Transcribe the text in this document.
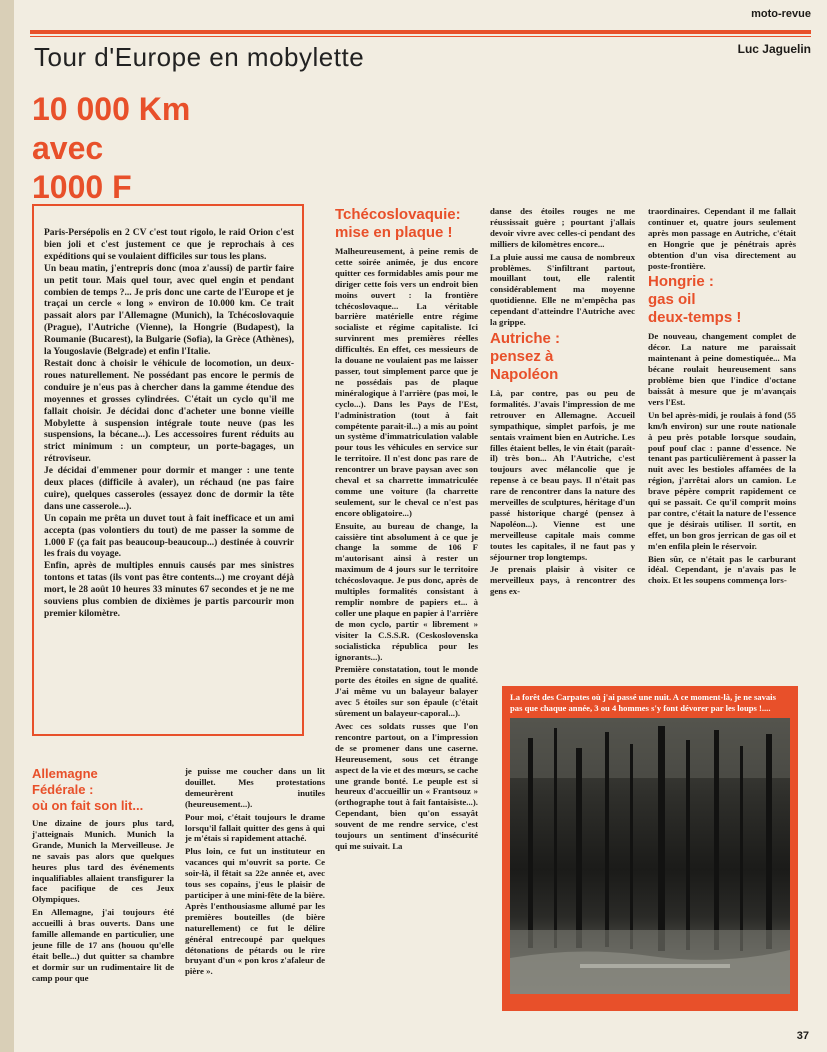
moto-revue
Tour d'Europe en mobylette	Luc Jaguelin
10 000 Km
avec
1000 F

Paris-Persépolis en 2 CV c'est tout rigolo, le raid Orion c'est bien joli et c'est justement ce que je reprochais à ces expéditions qui se voulaient difficiles sur tous les plans.

Un beau matin, j'entrepris donc (moa z'aussi) de partir faire un petit tour. Mais quel tour, avec quel engin et pendant combien de temps ?... Je pris donc une carte de l'Europe et je traçai un cercle « long » environ de 10.000 km. Ce trait passait alors par l'Allemagne (Munich), la Tchécoslovaquie (Prague), l'Autriche (Vienne), la Hongrie (Budapest), la Roumanie (Bucarest), la Bulgarie (Sofia), la Grèce (Athènes), la Yougoslavie (Belgrade) et enfin l'Italie.

Restait donc à choisir le véhicule de locomotion, un deux-roues naturellement. Ne possédant pas encore le permis de conduire je n'eus pas à chercher dans la gamme étendue des moyennes et grosses cylindrées. C'était un cyclo qu'il me fallait choisir. Je décidai donc d'acheter une bonne vieille Mobylette à suspension intégrale toute neuve (pas les suspensions, la bécane...). Les accessoires furent réduits au strict minimum : un compteur, un porte-bagages, un rétroviseur.

Je décidai d'emmener pour dormir et manger : une tente deux places (difficile à avaler), un réchaud (ne pas faire cuire), quelques casseroles (essayez donc de dormir la tête dans une casserole...).

Un copain me prêta un duvet tout à fait inefficace et un ami accepta (pas volontiers du tout) de me passer la somme de 1.000 F (ça fait pas beaucoup-beaucoup...) destinée à couvrir les frais du voyage.

Enfin, après de multiples ennuis causés par mes sinistres tontons et tatas (ils vont pas être contents...) me croyant déjà mort, le 28 août 10 heures 33 minutes 67 secondes et je ne me souviens plus combien de dixièmes je partis parcourir mon premier kilomètre.

Allemagne
Fédérale :
où on fait son lit...

Une dizaine de jours plus tard, j'atteignais Munich. Munich la Grande, Munich la Merveilleuse. Je ne savais pas alors que quelques heures plus tard des événements inqualifiables allaient transfigurer la face pacifique de ces Jeux Olympiques.

En Allemagne, j'ai toujours été accueilli à bras ouverts. Dans une famille allemande en particulier, une jeune fille de 17 ans (houou qu'elle était belle...) dut quitter sa chambre et dormir sur un rudimentaire lit de camp pour que

je puisse me coucher dans un lit douillet. Mes protestations demeurèrent inutiles (heureusement...).

Pour moi, c'était toujours le drame lorsqu'il fallait quitter des gens à qui je m'étais si rapidement attaché.

Plus loin, ce fut un instituteur en vacances qui m'ouvrit sa porte. Ce soir-là, il fêtait sa 22e année et, avec tous ses copains, j'eus le plaisir de participer à une mini-fête de la bière. Après l'enthousiasme allumé par les premières bouteilles (de bière naturellement) ce fut le délire général entrecoupé par quelques détonations de pétards ou le rire bruyant d'un « pon kros z'afaleur de pière ».

Tchécoslovaquie:
mise en plaque !

Malheureusement, à peine remis de cette soirée animée, je dus encore quitter ces formidables amis pour me diriger cette fois vers un endroit bien moins ouvert : la frontière tchécoslovaque... La véritable barrière matérielle entre régime socialiste et régime capitaliste. Ici survinrent mes premières réelles difficultés. En effet, ces messieurs de la douane ne voulaient pas me laisser passer, tout simplement parce que je ne possédais pas de plaque minéralogique à l'arrière (pas moi, le cyclo...). Dans les Pays de l'Est, l'administration (tout à fait compétente parait-il...) a mis au point un système d'immatriculation valable pour tous les véhicules en service sur le territoire. Il n'est donc pas rare de rencontrer un brave paysan avec son cheval et sa charrette immatriculée comme une voiture (la charrette seulement, sur le cheval ce n'est pas encore obligatoire...)

Ensuite, au bureau de change, la caissière tint absolument à ce que je change la somme de 106 F m'autorisant ainsi à rester un maximum de 4 jours sur le territoire tchécoslovaque. Je pus donc, après de multiples formalités consistant à remplir nombre de papiers et... à coller une plaque en papier à l'arrière de mon cyclo, partir « librement » visiter la C.S.S.R. (Ceskoslovenska socialisticka républica pour les ignorants...).

Première constatation, tout le monde porte des étoiles en signe de qualité. J'ai même vu un balayeur balayer avec 5 étoiles sur son épaule (c'était sûrement un balayeur-caporal...).

Avec ces soldats russes que l'on rencontre partout, on a l'impression de se promener dans une caserne. Heureusement, sous cet étrange aspect de la vie et des mœurs, se cache une grande bonté. Le peuple est si heureux d'accueillir un « Frantsouz » (orthographe tout à fait fantaisiste...). Cependant, bien qu'on essayât souvent de me rendre service, c'est toujours un sentiment d'insécurité qui me suivait. La

danse des étoiles rouges ne me réussissait guère ; pourtant j'allais devoir vivre avec celles-ci pendant des milliers de kilomètres encore...

La pluie aussi me causa de nombreux problèmes. S'infiltrant partout, mouillant tout, elle ralentit considérablement ma moyenne quotidienne. Elle ne m'empêcha pas cependant d'atteindre l'Autriche avec la grippe.

Autriche :
pensez à
Napoléon

Là, par contre, pas ou peu de formalités. J'avais l'impression de me retrouver en Allemagne. Accueil sympathique, simplet parfois, je me sentais vraiment bien en Autriche. Les filles étaient belles, le vin était (paraît-il) très bon... Ah l'Autriche, c'est toujours avec mélancolie que je repense à ce beau pays. Il n'était pas rare de rencontrer dans la nature des merveilles de sculptures, héritage d'un passé historique chargé (pensez à Napoléon...). Vienne est une merveilleuse capitale mais comme toutes les capitales, il ne faut pas y séjourner trop longtemps.

Je prenais plaisir à visiter ce merveilleux pays, à rencontrer des gens ex-

traordinaires. Cependant il me fallait continuer et, quatre jours seulement après mon passage en Autriche, c'était en Hongrie que je pénétrais après obtention d'un visa directement au poste-frontière.

Hongrie :
gas oil
deux-temps !

De nouveau, changement complet de décor. La nature me paraissait maintenant à peine domestiquée... Ma bécane roulait heureusement sans problème bien que l'indice d'octane baissât à mesure que je m'avançais vers l'Est.

Un bel après-midi, je roulais à fond (55 km/h environ) sur une route nationale à peu près potable lorsque soudain, pouf pouf clac : panne d'essence. Ne tenant pas particulièrement à passer la nuit avec les bestioles affamées de la région, j'arrêtai alors un camion. Le brave pépère comprit rapidement ce qui se passait. Ce qu'il comprit moins par contre, c'était la nature de l'essence que je désirais utiliser. Il sortit, en effet, un bon gros jerrican de gas oil et m'en enfila plein le réservoir.

Bien sûr, ce n'était pas le carburant idéal. Cependant, je n'avais pas le choix. Et les soupens commença lors-

La forêt des Carpates où j'ai passé une nuit. A ce moment-là, je ne savais pas que chaque année, 3 ou 4 hommes s'y font dévorer par les loups !....
37
